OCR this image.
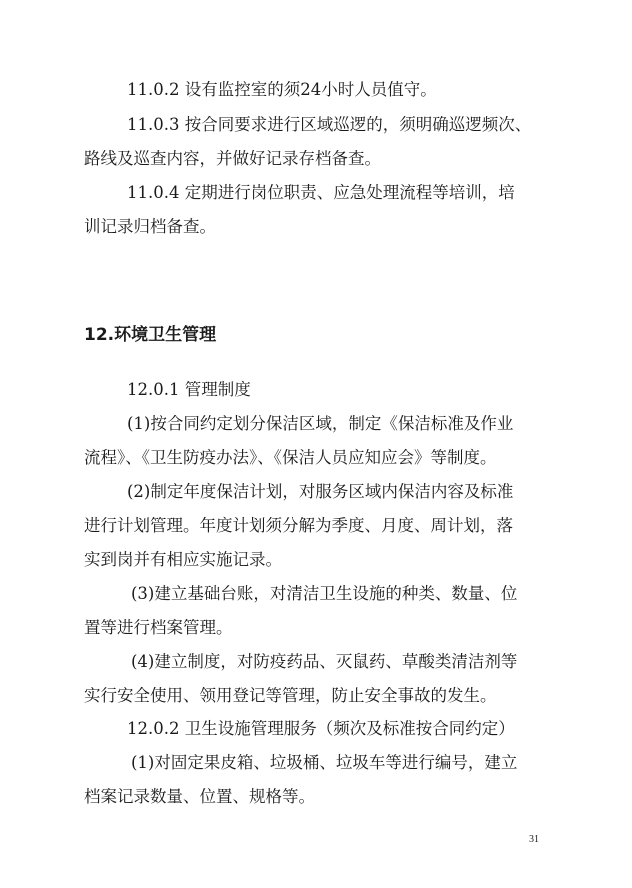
11.0.2 设有监控室的须24小时人员值守。

11.0.3 按合同要求进行区域巡逻的，须明确巡逻频次、

路线及巡查内容，并做好记录存档备查。

11.0.4 定期进行岗位职责、应急处理流程等培训，培

训记录归档备查。

12.环境卫生管理

12.0.1 管理制度

(1)按合同约定划分保洁区域，制定《保洁标准及作业

流程》、《卫生防疫办法》、《保洁人员应知应会》等制度。

(2)制定年度保洁计划，对服务区域内保洁内容及标准

进行计划管理。年度计划须分解为季度、月度、周计划，落

实到岗并有相应实施记录。

(3)建立基础台账，对清洁卫生设施的种类、数量、位

置等进行档案管理。

(4)建立制度，对防疫药品、灭鼠药、草酸类清洁剂等

实行安全使用、领用登记等管理，防止安全事故的发生。

12.0.2 卫生设施管理服务（频次及标准按合同约定）

(1)对固定果皮箱、垃圾桶、垃圾车等进行编号，建立

档案记录数量、位置、规格等。

31
